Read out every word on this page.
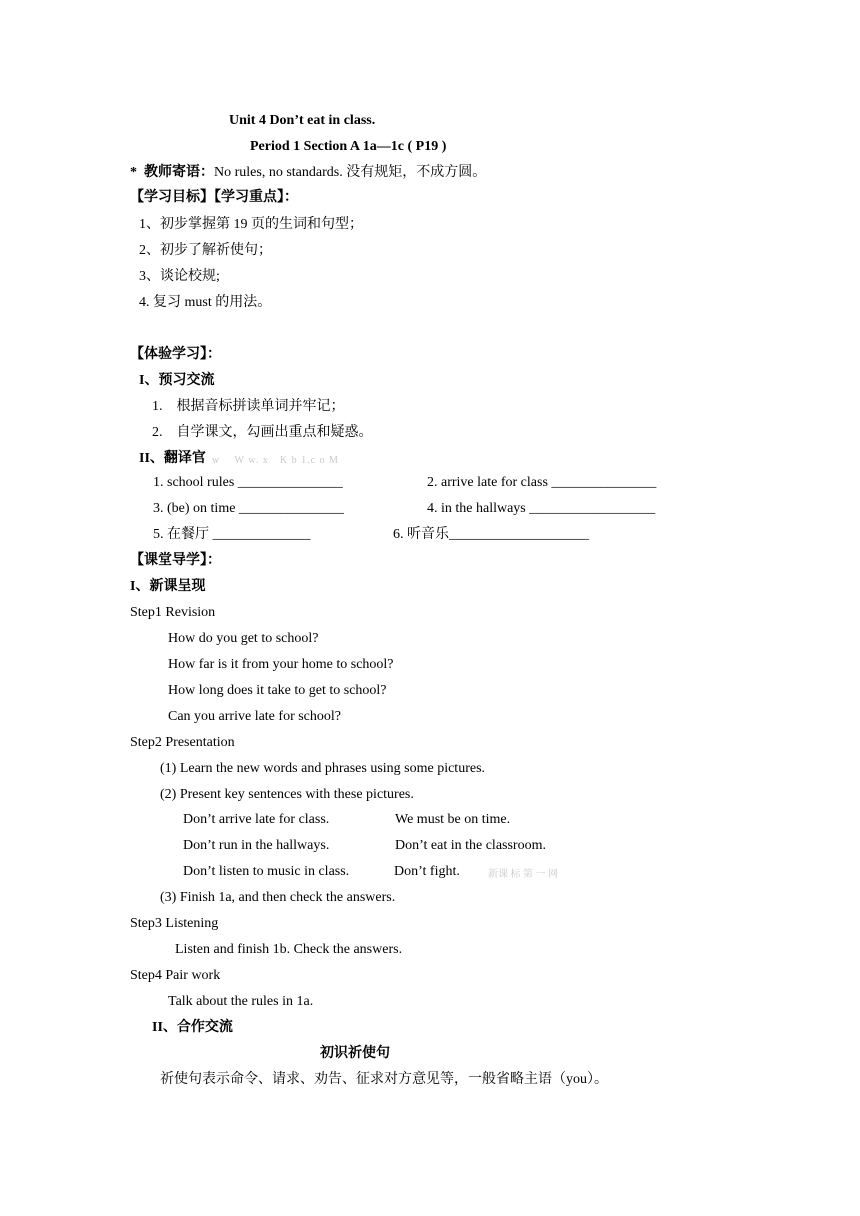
Unit 4 Don’t eat in class.
Period 1 Section A 1a—1c ( P19 )
* 教师寄语：No rules, no standards. 没有规矩，不成方圆。
【学习目标】【学习重点】：
1、初步掌握第 19 页的生词和句型；
2、初步了解祈使句；
3、谈论校规;
4. 复习 must 的用法。
【体验学习】：
I、预习交流
1.　根据音标拼读单词并牢记；
2.　自学课文，勾画出重点和疑惑。
II、翻译官 w　 W w. x　K b 1.c o M
1. school rules _______________	2. arrive late for class _______________
3. (be) on time _______________	4. in the hallways __________________
5. 在餐厅 ______________	6. 听音乐____________________
【课堂导学】：
I、新课呈现
Step1 Revision
How do you get to school?
How far is it from your home to school?
How long does it take to get to school?
Can you arrive late for school?
Step2 Presentation
(1) Learn the new words and phrases using some pictures.
(2) Present key sentences with these pictures.
Don’t arrive late for class.	We must be on time.
Don’t run in the hallways.	Don’t eat in the classroom.
Don’t listen to music in class.	Don’t fight.	新课 标 第 一 网
(3) Finish 1a, and then check the answers.
Step3 Listening
Listen and finish 1b. Check the answers.
Step4 Pair work
Talk about the rules in 1a.
II、合作交流
初识祈使句
祈使句表示命令、请求、劝告、征求对方意见等，一般省略主语（you）。
